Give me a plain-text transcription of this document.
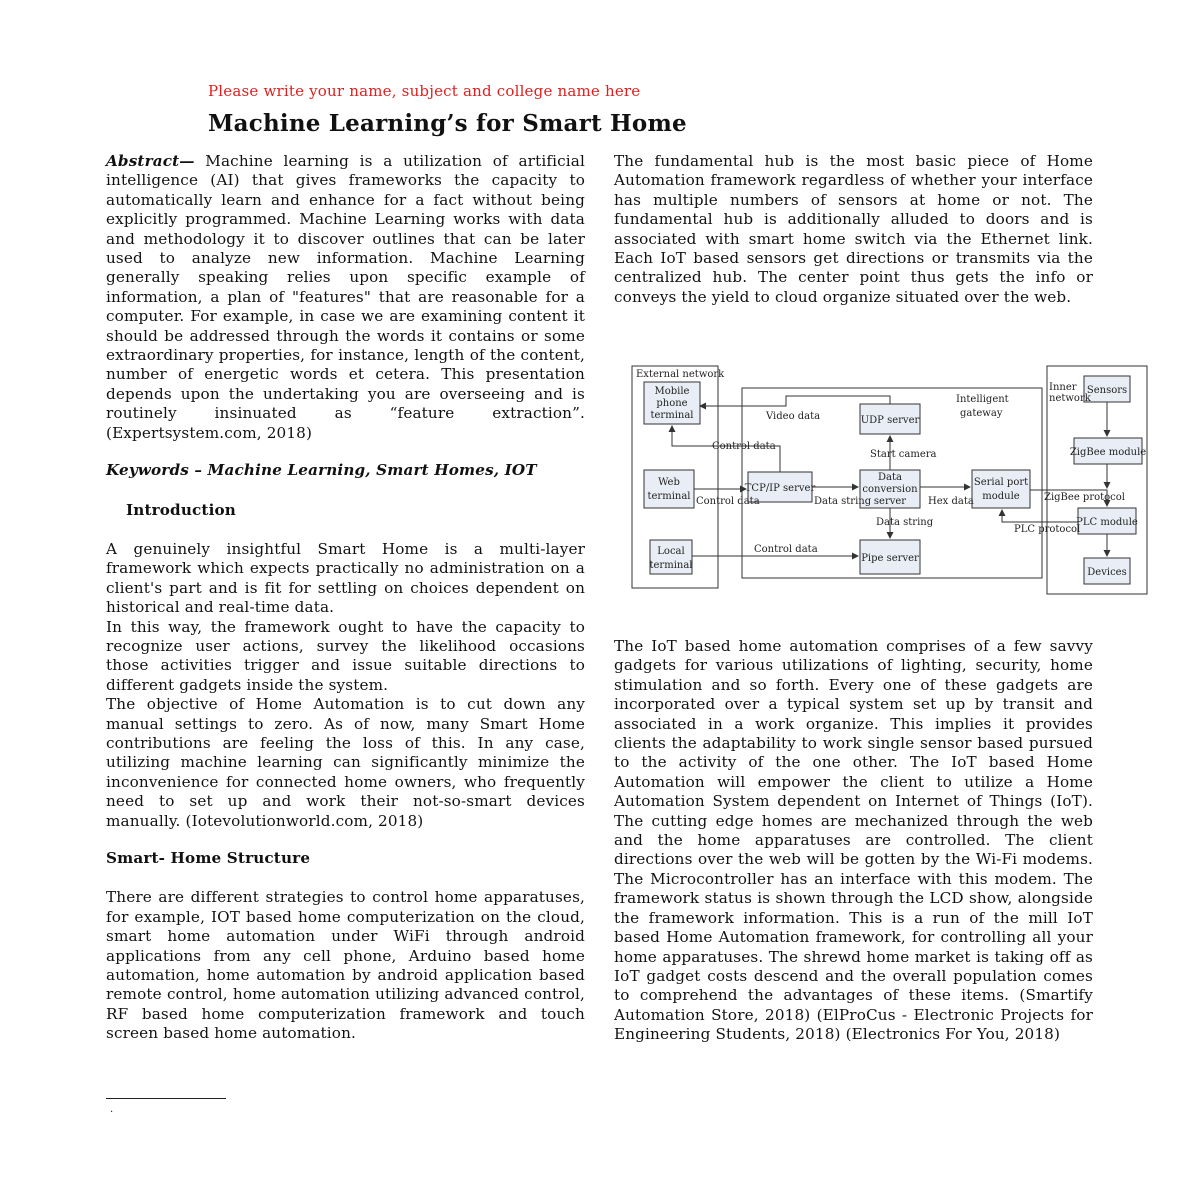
Please write your name, subject and college name here
Machine Learning’s for Smart Home

Abstract— Machine learning is a utilization of artificial intelligence (AI) that gives frameworks the capacity to automatically learn and enhance for a fact without being explicitly programmed. Machine Learning works with data and methodology it to discover outlines that can be later used to analyze new information. Machine Learning generally speaking relies upon specific example of information, a plan of "features" that are reasonable for a computer. For example, in case we are examining content it should be addressed through the words it contains or some extraordinary properties, for instance, length of the content, number of energetic words et cetera. This presentation depends upon the undertaking you are overseeing and is routinely insinuated as “feature extraction”. (Expertsystem.com, 2018)

Keywords – Machine Learning, Smart Homes, IOT

Introduction

A genuinely insightful Smart Home is a multi-layer framework which expects practically no administration on a client's part and is fit for settling on choices dependent on historical and real-time data.

In this way, the framework ought to have the capacity to recognize user actions, survey the likelihood occasions those activities trigger and issue suitable directions to different gadgets inside the system.

The objective of Home Automation is to cut down any manual settings to zero. As of now, many Smart Home contributions are feeling the loss of this. In any case, utilizing machine learning can significantly minimize the inconvenience for connected home owners, who frequently need to set up and work their not-so-smart devices manually. (Iotevolutionworld.com, 2018)

Smart- Home Structure

There are different strategies to control home apparatuses, for example, IOT based home computerization on the cloud, smart home automation under WiFi through android applications from any cell phone, Arduino based home automation, home automation by android application based remote control, home automation utilizing advanced control, RF based home computerization framework and touch screen based home automation.

.

The fundamental hub is the most basic piece of Home Automation framework regardless of whether your interface has multiple numbers of sensors at home or not. The fundamental hub is additionally alluded to doors and is associated with smart home switch via the Ethernet link. Each IoT based sensors get directions or transmits via the centralized hub. The center point thus gets the info or conveys the yield to cloud organize situated over the web.

External network
Mobile
phone
terminal
Web
terminal
Local
terminal
Intelligent
gateway
UDP server
TCP/IP server
Data
conversion
server
Serial port
module
Pipe server
Inner
network
Sensors
ZigBee module
PLC module
Devices
Video data
Control data
Control data
Control data
Start camera
Data string
Data string
Hex data	ZigBee protocol
PLC protocol

The IoT based home automation comprises of a few savvy gadgets for various utilizations of lighting, security, home stimulation and so forth. Every one of these gadgets are incorporated over a typical system set up by transit and associated in a work organize. This implies it provides clients the adaptability to work single sensor based pursued to the activity of the one other. The IoT based Home Automation will empower the client to utilize a Home Automation System dependent on Internet of Things (IoT). The cutting edge homes are mechanized through the web and the home apparatuses are controlled. The client directions over the web will be gotten by the Wi-Fi modems. The Microcontroller has an interface with this modem. The framework status is shown through the LCD show, alongside the framework information. This is a run of the mill IoT based Home Automation framework, for controlling all your home apparatuses. The shrewd home market is taking off as IoT gadget costs descend and the overall population comes to comprehend the advantages of these items. (Smartify Automation Store, 2018) (ElProCus - Electronic Projects for Engineering Students, 2018) (Electronics For You, 2018)
